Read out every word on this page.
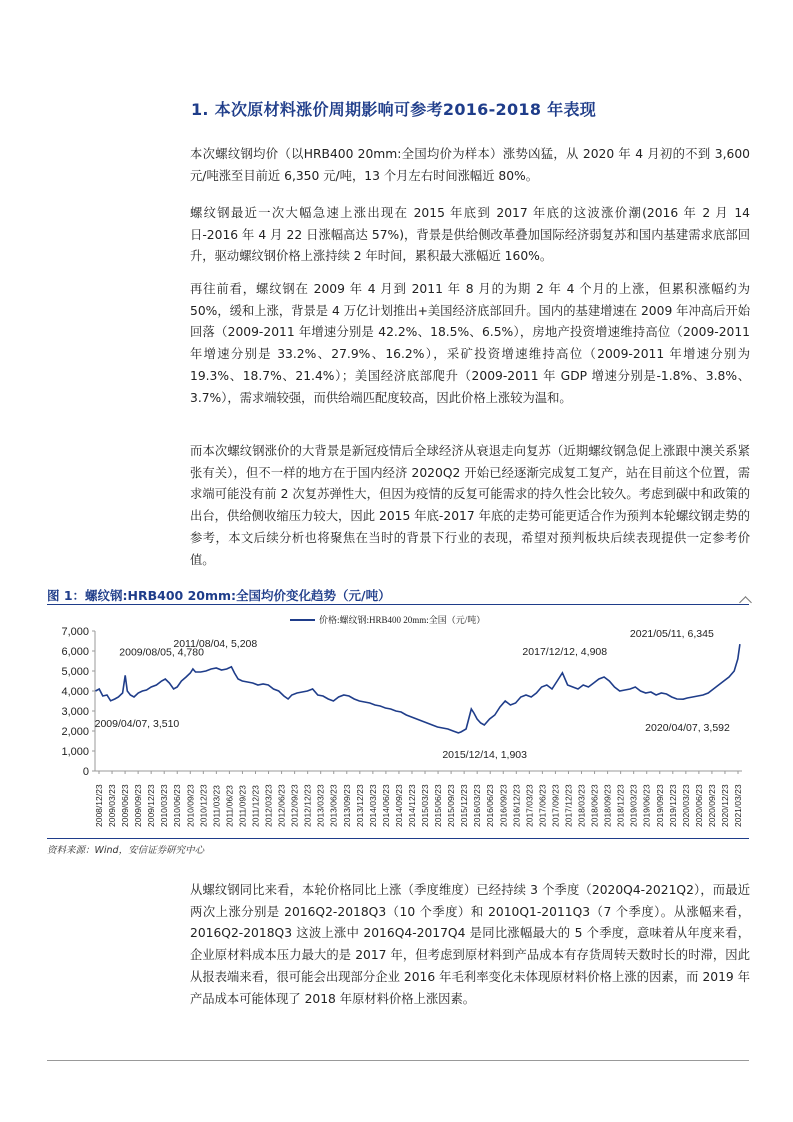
1. 本次原材料涨价周期影响可参考2016-2018 年表现

本次螺纹钢均价（以HRB400 20mm:全国均价为样本）涨势凶猛，从 2020 年 4 月初的不到 3,600 元/吨涨至目前近 6,350 元/吨，13 个月左右时间涨幅近 80%。

螺纹钢最近一次大幅急速上涨出现在 2015 年底到 2017 年底的这波涨价潮(2016 年 2 月 14 日-2016 年 4 月 22 日涨幅高达 57%)，背景是供给侧改革叠加国际经济弱复苏和国内基建需求底部回升，驱动螺纹钢价格上涨持续 2 年时间，累积最大涨幅近 160%。

再往前看，螺纹钢在 2009 年 4 月到 2011 年 8 月的为期 2 年 4 个月的上涨，但累积涨幅约为 50%，缓和上涨，背景是 4 万亿计划推出+美国经济底部回升。国内的基建增速在 2009 年冲高后开始回落（2009-2011 年增速分别是 42.2%、18.5%、6.5%），房地产投资增速维持高位（2009-2011 年增速分别是 33.2%、27.9%、16.2%），采矿投资增速维持高位（2009-2011 年增速分别为 19.3%、18.7%、21.4%）；美国经济底部爬升（2009-2011 年 GDP 增速分别是-1.8%、3.8%、3.7%），需求端较强，而供给端匹配度较高，因此价格上涨较为温和。

而本次螺纹钢涨价的大背景是新冠疫情后全球经济从衰退走向复苏（近期螺纹钢急促上涨跟中澳关系紧张有关），但不一样的地方在于国内经济 2020Q2 开始已经逐渐完成复工复产，站在目前这个位置，需求端可能没有前 2 次复苏弹性大，但因为疫情的反复可能需求的持久性会比较久。考虑到碳中和政策的出台，供给侧收缩压力较大，因此 2015 年底-2017 年底的走势可能更适合作为预判本轮螺纹钢走势的参考，本文后续分析也将聚焦在当时的背景下行业的表现，希望对预判板块后续表现提供一定参考价值。

图 1：螺纹钢:HRB400 20mm:全国均价变化趋势（元/吨）
0
1,000
2,000
3,000
4,000
5,000
6,000
7,000
2008/12/23 2009/03/23 2009/06/23 2009/09/23 2009/12/23 2010/03/23 2010/06/23 2010/09/23 2010/12/23 2011/03/23 2011/06/23 2011/09/23 2011/12/23 2012/03/23 2012/06/23 2012/09/23 2012/12/23 2013/03/23 2013/06/23 2013/09/23 2013/12/23 2014/03/23 2014/06/23 2014/09/23 2014/12/23 2015/03/23 2015/06/23 2015/09/23 2015/12/23 2016/03/23 2016/06/23 2016/09/23 2016/12/23 2017/03/23 2017/06/23 2017/09/23 2017/12/23 2018/03/23 2018/06/23 2018/09/23 2018/12/23 2019/03/23 2019/06/23 2019/09/23 2019/12/23 2020/03/23 2020/06/23 2020/09/23 2020/12/23 2021/03/23
价格:螺纹钢:HRB400 20mm:全国（元/吨）
2009/08/05, 4,780
2011/08/04, 5,208
2009/04/07, 3,510
2015/12/14, 1,903
2017/12/12, 4,908
2020/04/07, 3,592
2021/05/11, 6,345
资料来源：Wind，安信证券研究中心

从螺纹钢同比来看，本轮价格同比上涨（季度维度）已经持续 3 个季度（2020Q4-2021Q2），而最近两次上涨分别是 2016Q2-2018Q3（10 个季度）和 2010Q1-2011Q3（7 个季度）。从涨幅来看，2016Q2-2018Q3 这波上涨中 2016Q4-2017Q4 是同比涨幅最大的 5 个季度，意味着从年度来看，企业原材料成本压力最大的是 2017 年，但考虑到原材料到产品成本有存货周转天数时长的时滞，因此从报表端来看，很可能会出现部分企业 2016 年毛利率变化未体现原材料价格上涨的因素，而 2019 年产品成本可能体现了 2018 年原材料价格上涨因素。
